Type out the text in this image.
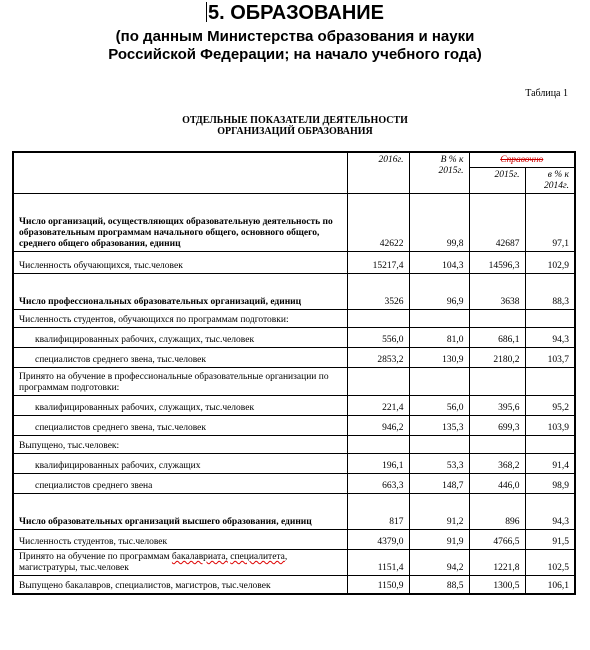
5. ОБРАЗОВАНИЕ
(по данным Министерства образования и науки
Российской Федерации; на начало учебного года)
Таблица 1
ОТДЕЛЬНЫЕ ПОКАЗАТЕЛИ ДЕЯТЕЛЬНОСТИ
ОРГАНИЗАЦИЙ ОБРАЗОВАНИЯ
	2016г.	В % к 2015г.	Справочно	
			2015г.	в % к 2014г.
Число организаций, осуществляющих образовательную деятельность по образовательным программам начального общего, основного общего, среднего общего образования, единиц	42622	99,8	42687	97,1
Численность обучающихся, тыс.человек	15217,4	104,3	14596,3	102,9
Число профессиональных образовательных организаций, единиц	3526	96,9	3638	88,3
Численность студентов, обучающихся по программам подготовки:				

квалифицированных рабочих, служащих, тыс.человек	556,0	81,0	686,1	94,3

специалистов среднего звена, тыс.человек	2853,2	130,9	2180,2	103,7
Принято на обучение в профессиональные образовательные организации по программам подготовки:				

квалифицированных рабочих, служащих, тыс.человек	221,4	56,0	395,6	95,2

специалистов среднего звена, тыс.человек	946,2	135,3	699,3	103,9
Выпущено, тыс.человек:				

квалифицированных рабочих, служащих	196,1	53,3	368,2	91,4

специалистов среднего звена	663,3	148,7	446,0	98,9
Число образовательных организаций высшего образования, единиц	817	91,2	896	94,3
Численность студентов, тыс.человек	4379,0	91,9	4766,5	91,5
Принято на обучение по программам бакалавриата, специалитета, магистратуры, тыс.человек	1151,4	94,2	1221,8	102,5
Выпущено бакалавров, специалистов, магистров, тыс.человек	1150,9	88,5	1300,5	106,1
